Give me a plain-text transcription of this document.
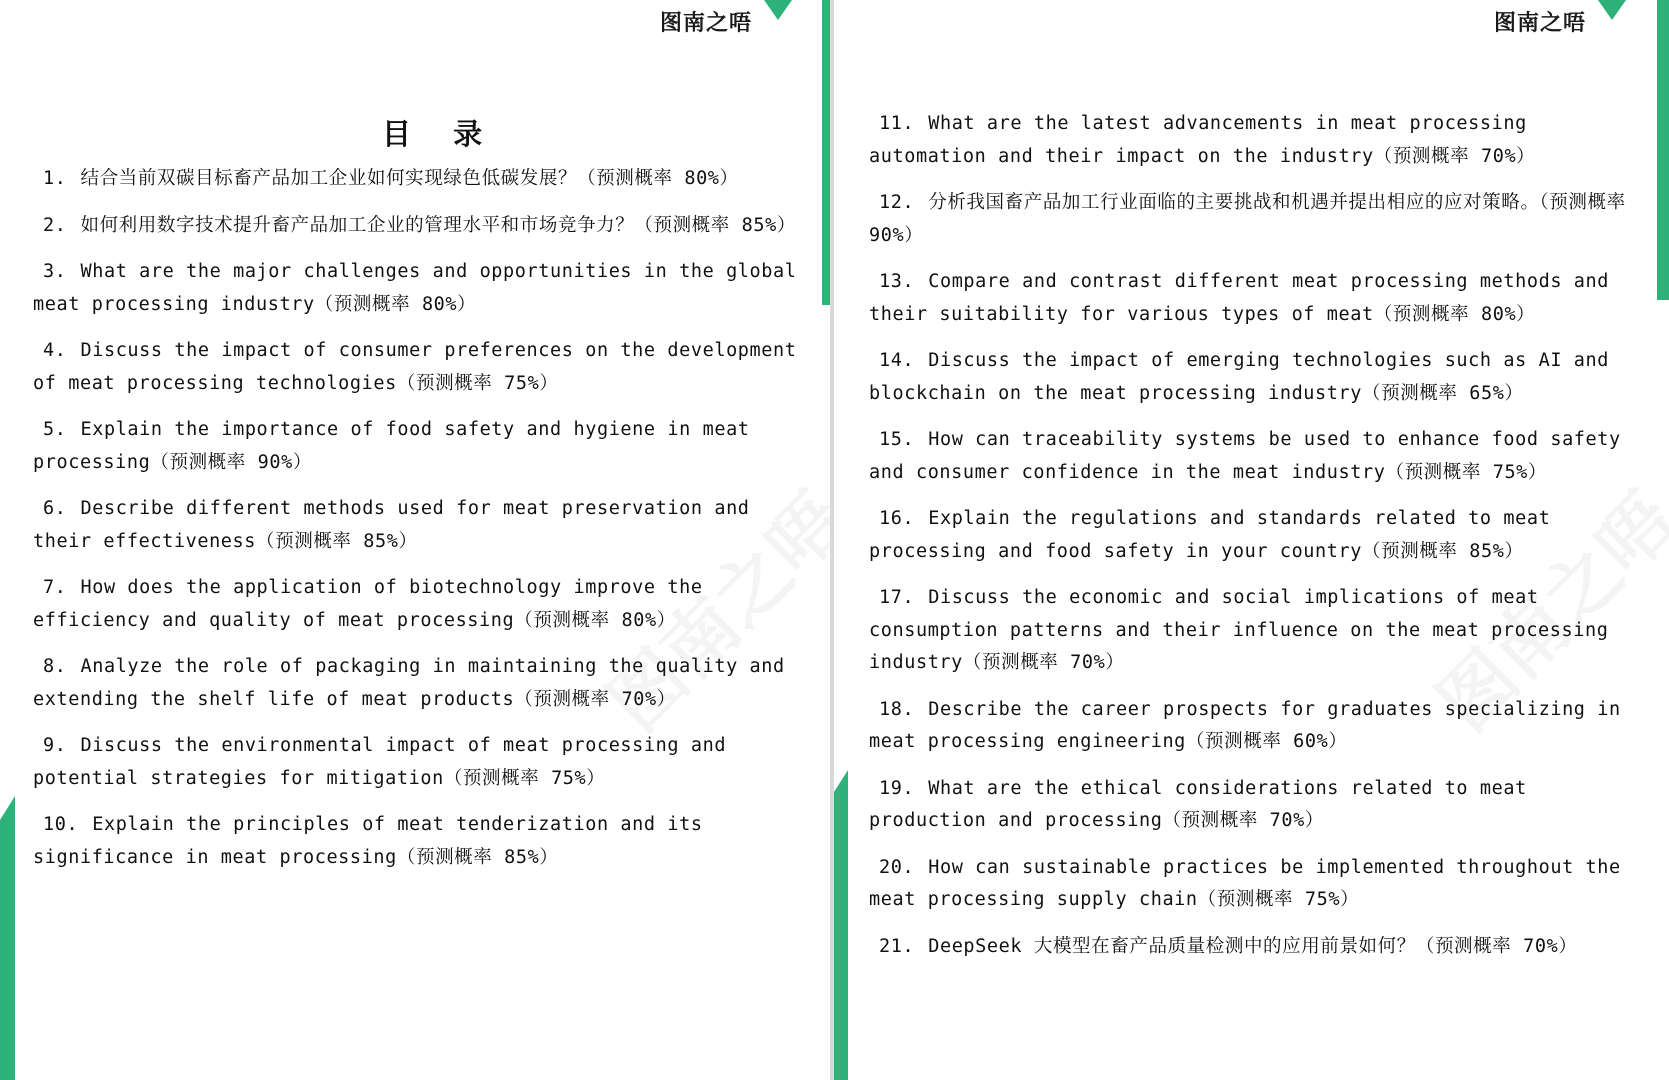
图南之唔
目 录
1. 结合当前双碳目标畜产品加工企业如何实现绿色低碳发展？（预测概率 80%）
2. 如何利用数字技术提升畜产品加工企业的管理水平和市场竞争力？（预测概率 85%）
3. What are the major challenges and opportunities in the global meat processing industry（预测概率 80%）
4. Discuss the impact of consumer preferences on the development of meat processing technologies（预测概率 75%）
5. Explain the importance of food safety and hygiene in meat processing（预测概率 90%）
6. Describe different methods used for meat preservation and their effectiveness（预测概率 85%）
7. How does the application of biotechnology improve the efficiency and quality of meat processing（预测概率 80%）
8. Analyze the role of packaging in maintaining the quality and extending the shelf life of meat products（预测概率 70%）
9. Discuss the environmental impact of meat processing and potential strategies for mitigation（预测概率 75%）
10. Explain the principles of meat tenderization and its significance in meat processing（预测概率 85%）
图南之唔
11. What are the latest advancements in meat processing automation and their impact on the industry（预测概率 70%）
12. 分析我国畜产品加工行业面临的主要挑战和机遇并提出相应的应对策略。（预测概率 90%）
13. Compare and contrast different meat processing methods and their suitability for various types of meat（预测概率 80%）
14. Discuss the impact of emerging technologies such as AI and blockchain on the meat processing industry（预测概率 65%）
15. How can traceability systems be used to enhance food safety and consumer confidence in the meat industry（预测概率 75%）
16. Explain the regulations and standards related to meat processing and food safety in your country（预测概率 85%）
17. Discuss the economic and social implications of meat consumption patterns and their influence on the meat processing industry（预测概率 70%）
18. Describe the career prospects for graduates specializing in meat processing engineering（预测概率 60%）
19. What are the ethical considerations related to meat production and processing（预测概率 70%）
20. How can sustainable practices be implemented throughout the meat processing supply chain（预测概率 75%）
21. DeepSeek 大模型在畜产品质量检测中的应用前景如何？（预测概率 70%）
